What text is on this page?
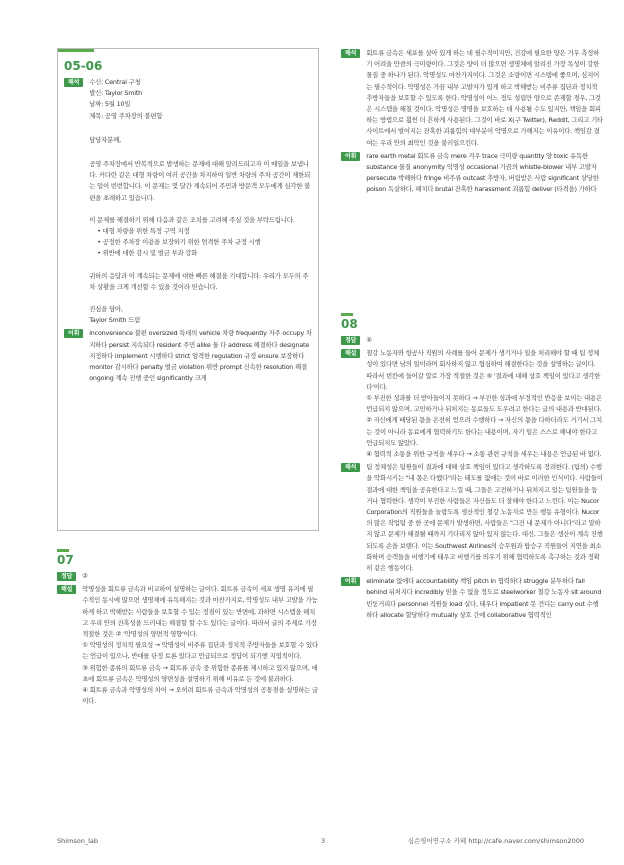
05-06
해석	수신: Central 구청

발신: Taylor Smith

날짜: 5월 10일

제목: 공영 주차장의 불편함

담당자분께,

공영 주차장에서 반복적으로 발생하는 문제에 대해 알려드리고자 이 메일을 보냅니다. 커다란 같은 대형 차량이 여러 공간을 차지하여 일반 차량의 주차 공간이 제한되는 일이 빈번합니다. 이 문제는 몇 달간 계속되어 주민과 방문객 모두에게 심각한 불편을 초래하고 있습니다.

이 문제를 해결하기 위해 다음과 같은 조치를 고려해 주실 것을 부탁드립니다.

• 대형 차량을 위한 특정 구역 지정
• 공정한 주차장 이용을 보장하기 위한 엄격한 주차 규정 시행
• 위반에 대한 감시 및 벌금 부과 강화

귀하의 응답과 이 계속되는 문제에 대한 빠른 해결을 기대합니다. 우리가 모두의 주차 상황을 크게 개선할 수 있을 것이라 믿습니다.

진심을 담아,

Taylor Smith 드림

어휘	inconvenience 불편 oversized 특대의 vehicle 차량 frequently 자주 occupy 차지하다 persist 지속되다 resident 주민 alike 둘 다 address 해결하다 designate 지정하다 implement 시행하다 strict 엄격한 regulation 규정 ensure 보장하다 monitor 감시하다 penalty 벌금 violation 위반 prompt 신속한 resolution 해결 ongoing 계속 진행 중인 significantly 크게
07
정답	②
해설	악명성을 회트류 금속과 비교하여 설명하는 글이다. 회트류 금속이 세포 생명 유지에 필수적인 동시에 많으면 생명체에 유독해지는 것과 마찬가지로, 악명성도 내부 고발을 가능하게 하고 박해받는 사람들을 보호할 수 있는 정점이 있는 반면에, 과하면 시스템을 해치고 우리 안의 잔혹성을 드러내는 해결할 할 수도 있다는 글이다. 따라서 글의 주제로 가장 적절한 것은 ② '악명성의 양면적 영향'이다.

① 악명성의 정치적 필요성 → 악명성이 비주류 집단과 정치적 추방자들을 보호할 수 있다는 언급이 있으나, 반대를 단정 토론 있다고 언급되므로 정답이 되기엔 지엽적이다.

③ 위험한 종류의 회트류 금속 → 회트류 금속 중 위험한 종류를 제시하고 있지 않으며, 애초에 회트류 금속은 악명성의 양면성을 설명하기 위해 비유로 든 것에 불과하다.

④ 회트류 금속과 악명성의 차이 → 오히려 회트류 금속과 악명성의 공통점을 설명하는 글이다.

해석	회트류 금속은 세포를 살아 있게 하는 데 필수적이지만, 건강에 필요한 양은 거우 측정하기 어려울 만큼의 극미량이다. 그것은 양이 더 많으면 생명체에 알려진 가장 독성이 강한 물질 중 하나가 된다. 악명성도 마찬가지이다. 그것은 소량이면 시스템에 좋으며, 심지어는 필수적이다. 악명성은 가끔 내부 고발자가 있게 하고 박해받는 비주류 집단과 정치적 추방자들을 보호할 수 있도록 한다. 악명성이 어느 정도 성립만 양으로 존재할 경우, 그것은 시스템을 해칠 것이다. 악명성은 명명을 보호하는 데 사용될 수도 있지만, 책임을 회피하는 방법으로 훨씬 더 흔하게 사용된다. 그것이 바로 X(구 Twitter), Reddit, 그리고 기타 사이트에서 벌어지는 잔혹한 괴롭힘의 대부분이 악명으로 가해지는 이유이다. 책임감 결여는 우리 안의 최악인 것을 불러일으킨다.
어휘	rare earth metal 회트류 금속 mere 겨우 trace 극미량 quantity 양 toxic 유독한 substance 물질 anonymity 익명성 occasional 가끔의 whistle-blower 내부 고발자 persecute 박해하다 fringe 비주류 outcast 추방자, 버림받은 사람 significant 상당한 poison 독살하다, 해치다 brutal 잔혹한 harassment 괴롭힘 deliver (타격을) 가하다
08
정답	⑤
해설	철강 노동자와 항공사 직원의 사례를 들어 문제가 생기거나 일을 처리해야 할 때 팀 정체성이 있다면 남의 일이라며 회사하지 않고 협심하여 해결한다는 것을 설명하는 글이다. 따라서 빈칸에 들어갈 말로 가장 적절한 것은 ⑤ '결과에 대해 상호 책임이 있다고 생각한다'이다.

① 부진한 성과를 더 받아들이지 못하다 → 부진한 성과에 부정적인 반응을 보이는 내용은 언급되지 않으며, 고민하거나 뒤처지는 동료들도 도우려고 한다는 글의 내용과 반대된다.

② 자신에게 배당된 몫을 온전히 얻으려 수행하다 → 자신의 몫을 다하더라도 거기서 그치는 것이 아니라 동료에게 협력하기도 한다는 내용이며, 자기 일은 스스로 해내야 한다고 언급되지도 않았다.

④ 협력적 소통을 위한 규칙을 세우다 → 소통 관련 규칙을 세우는 내용은 언급된 바 없다.

해석	팀 정체성은 팀원들이 결과에 대해 상호 책임이 있다고 생각하도록 장려한다. (팀의) 수행을 악화시키는 "내 몫은 다했다"라는 태도를 없애는 것이 바로 이러한 인식이다. 사람들이 결과에 대한 책임을 공유한다고 느낄 때, 그들은 고전하거나 뒤처지고 있는 팀원들을 돕거나 협력한다. 생각이 부진한 사람들은 자신들도 더 잘해야 한다고 느낀다. 이는 Nucor Corporation의 직원들을 놀랍도록 생산적인 철강 노동자로 만든 행동 유형이다. Nucor의 많은 작업팀 중 한 곳에 문제가 발생하면, 사람들은 "그건 내 문제가 아니다"라고 말하지 않고 문제가 해결될 때까지 기다리지 않아 있지 않는다. 대신, 그들은 생산이 계속 진행되도록 손을 보탠다. 이는 Southwest Airlines의 승무원과 탑승구 직원들이 지연을 최소화하며 승객들을 비행기에 태우고 비행기를 띄우기 위해 협력하도록 촉구하는 것과 정확히 같은 행동이다.
어휘	eliminate 없애다 accountability 책임 pitch in 협력하다 struggle 분투하다 fall behind 뒤처지다 incredibly 믿을 수 없을 정도로 steelworker 철강 노동자 sit around 빈둥거리다 personnel 직원들 load 실다, 태우다 impatient 못 견디는 carry out 수행하다 allocate 할당하다 mutually 상호 간에 collaborative 협력적인
Shimson_lab	3	심슨영어연구소 카페 http://cafe.naver.com/shimson2000
